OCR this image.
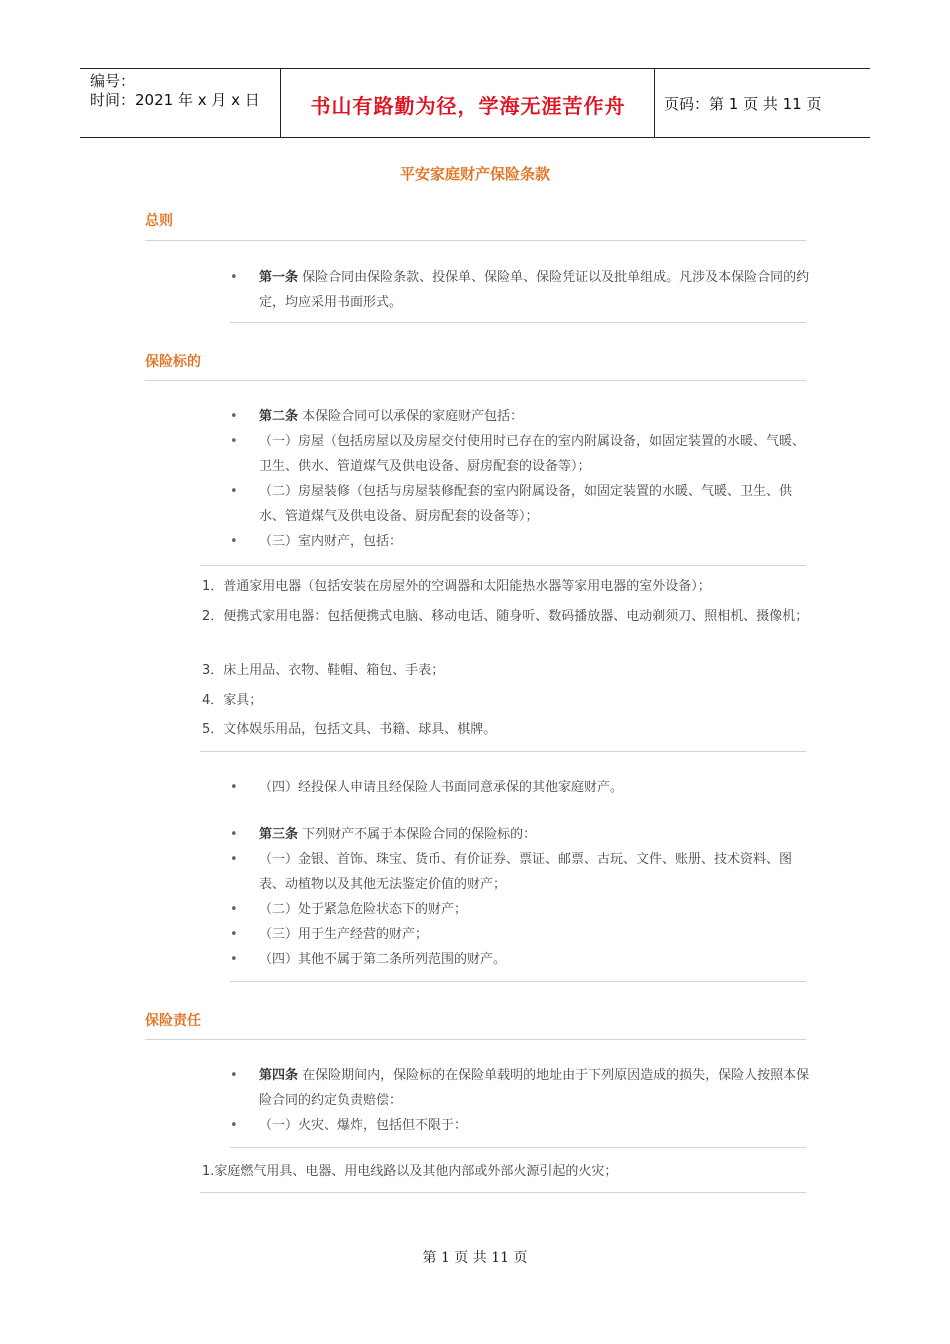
编号：
时间：2021 年 x 月 x 日	书山有路勤为径，学海无涯苦作舟	页码：第 1 页 共 11 页
平安家庭财产保险条款
总则
• 第一条 保险合同由保险条款、投保单、保险单、保险凭证以及批单组成。凡涉及本保险合同的约定，均应采用书面形式。
保险标的
• 第二条 本保险合同可以承保的家庭财产包括：
• （一）房屋（包括房屋以及房屋交付使用时已存在的室内附属设备，如固定装置的水暖、气暖、卫生、供水、管道煤气及供电设备、厨房配套的设备等）；
• （二）房屋装修（包括与房屋装修配套的室内附属设备，如固定装置的水暖、气暖、卫生、供水、管道煤气及供电设备、厨房配套的设备等）；
• （三）室内财产，包括：
1．普通家用电器（包括安装在房屋外的空调器和太阳能热水器等家用电器的室外设备）；
2．便携式家用电器：包括便携式电脑、移动电话、随身听、数码播放器、电动剃须刀、照相机、摄像机；
3．床上用品、衣物、鞋帽、箱包、手表；
4．家具；
5．文体娱乐用品，包括文具、书籍、球具、棋牌。
• （四）经投保人申请且经保险人书面同意承保的其他家庭财产。
• 第三条 下列财产不属于本保险合同的保险标的：
• （一）金银、首饰、珠宝、货币、有价证券、票证、邮票、古玩、文件、账册、技术资料、图表、动植物以及其他无法鉴定价值的财产；
• （二）处于紧急危险状态下的财产；
• （三）用于生产经营的财产；
• （四）其他不属于第二条所列范围的财产。
保险责任
• 第四条 在保险期间内，保险标的在保险单载明的地址由于下列原因造成的损失，保险人按照本保险合同的约定负责赔偿：
• （一）火灾、爆炸，包括但不限于：
1.家庭燃气用具、电器、用电线路以及其他内部或外部火源引起的火灾；
第 1 页 共 11 页
